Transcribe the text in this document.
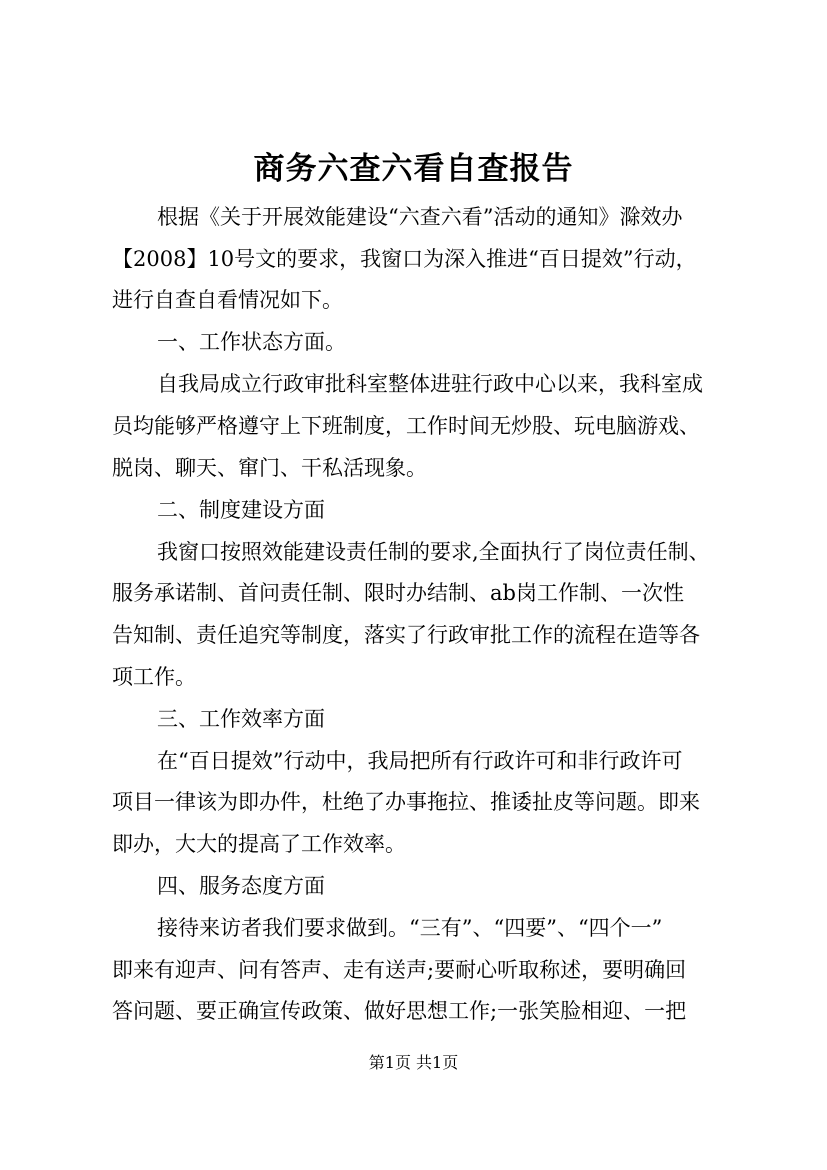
商务六查六看自查报告
根据《关于开展效能建设“六查六看”活动的通知》滁效办
【2008】10号文的要求，我窗口为深入推进“百日提效”行动，
进行自查自看情况如下。
一、工作状态方面。
自我局成立行政审批科室整体进驻行政中心以来，我科室成
员均能够严格遵守上下班制度，工作时间无炒股、玩电脑游戏、
脱岗、聊天、窜门、干私活现象。
二、制度建设方面
我窗口按照效能建设责任制的要求,全面执行了岗位责任制、
服务承诺制、首问责任制、限时办结制、ab岗工作制、一次性
告知制、责任追究等制度，落实了行政审批工作的流程在造等各
项工作。
三、工作效率方面
在“百日提效”行动中，我局把所有行政许可和非行政许可
项目一律该为即办件，杜绝了办事拖拉、推诿扯皮等问题。即来
即办，大大的提高了工作效率。
四、服务态度方面
接待来访者我们要求做到。“三有”、“四要”、“四个一”
即来有迎声、问有答声、走有送声;要耐心听取称述，要明确回
答问题、要正确宣传政策、做好思想工作;一张笑脸相迎、一把
第1页 共1页
